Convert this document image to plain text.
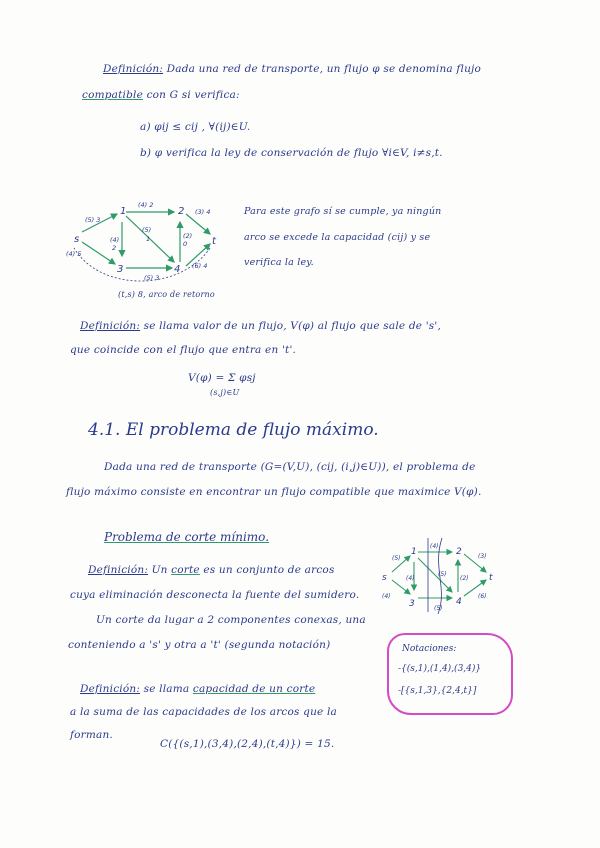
Definición: Dada una red de transporte, un flujo φ se denomina flujo
compatible con G si verifica:
a) φij ≤ cij , ∀(ij)∈U.
b) φ verifica la ley de conservación de flujo ∀i∈V, i≠s,t.
s
1	2
3	4
t
(5) 3
(4) 2
(3) 4
(5)
1
(4)
2
(2)
0
(5) 3
(6) 4
(4) 5
(t,s) 8, arco de retorno
Para este grafo sí se cumple, ya ningún
arco se excede la capacidad (cij) y se
verifica la ley.
Definición: se llama valor de un flujo, V(φ) al flujo que sale de 's',
que coincide con el flujo que entra en 't'.
V(φ) = Σ φsj
(s,j)∈U
4.1. El problema de flujo máximo.
Dada una red de transporte (G=(V,U), (cij, (i,j)∈U)), el problema de
flujo máximo consiste en encontrar un flujo compatible que maximice V(φ).
Problema de corte mínimo.
Definición: Un corte es un conjunto de arcos
cuya eliminación desconecta la fuente del sumidero.
Un corte da lugar a 2 componentes conexas, una
conteniendo a 's' y otra a 't' (segunda notación)
s
1	2
3	4
t
(5)
(4)
(3)
(4)
(5)
(2)
(4)
(5)
(6)
Notaciones:
-{(s,1),(1,4),(3,4)}
-[{s,1,3},{2,4,t}]
Definición: se llama capacidad de un corte
a la suma de las capacidades de los arcos que la
forman.
C({(s,1),(3,4),(2,4),(t,4)}) = 15.
